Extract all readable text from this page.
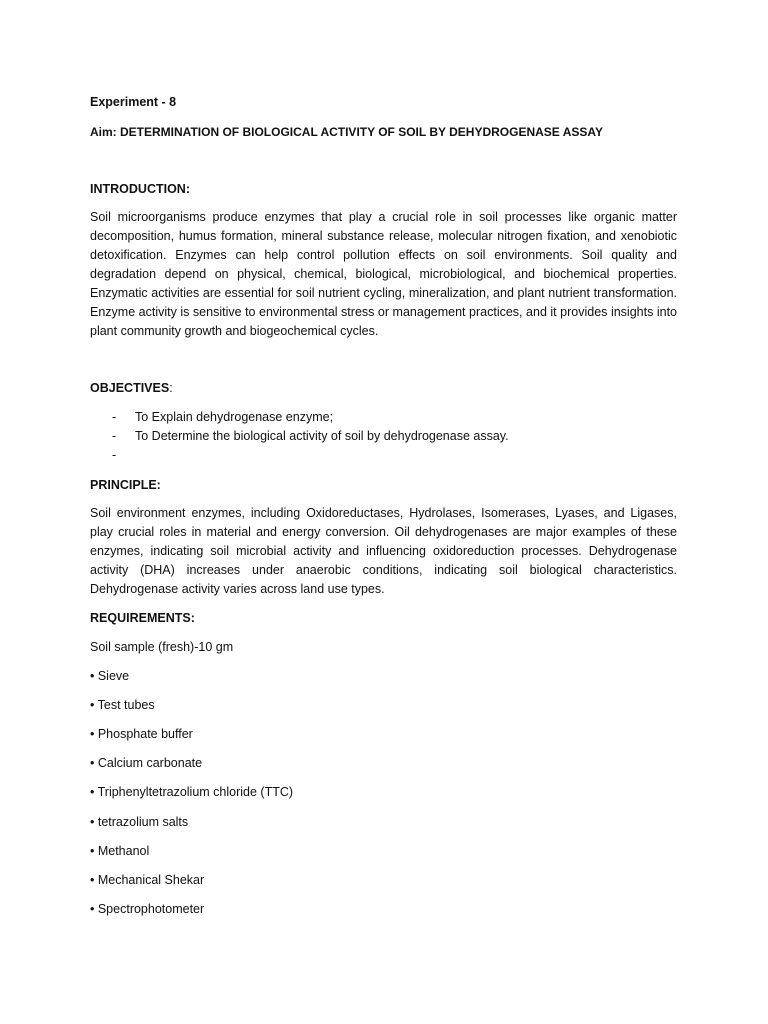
Experiment - 8
Aim: DETERMINATION OF BIOLOGICAL ACTIVITY OF SOIL BY DEHYDROGENASE ASSAY
INTRODUCTION:
Soil microorganisms produce enzymes that play a crucial role in soil processes like organic matter decomposition, humus formation, mineral substance release, molecular nitrogen fixation, and xenobiotic detoxification. Enzymes can help control pollution effects on soil environments. Soil quality and degradation depend on physical, chemical, biological, microbiological, and biochemical properties. Enzymatic activities are essential for soil nutrient cycling, mineralization, and plant nutrient transformation. Enzyme activity is sensitive to environmental stress or management practices, and it provides insights into plant community growth and biogeochemical cycles.
OBJECTIVES:
- To Explain dehydrogenase enzyme;
- To Determine the biological activity of soil by dehydrogenase assay.
-
PRINCIPLE:
Soil environment enzymes, including Oxidoreductases, Hydrolases, Isomerases, Lyases, and Ligases, play crucial roles in material and energy conversion. Oil dehydrogenases are major examples of these enzymes, indicating soil microbial activity and influencing oxidoreduction processes. Dehydrogenase activity (DHA) increases under anaerobic conditions, indicating soil biological characteristics. Dehydrogenase activity varies across land use types.
REQUIREMENTS:
Soil sample (fresh)-10 gm
• Sieve
• Test tubes
• Phosphate buffer
• Calcium carbonate
• Triphenyltetrazolium chloride (TTC)
• tetrazolium salts
• Methanol
• Mechanical Shekar
• Spectrophotometer
